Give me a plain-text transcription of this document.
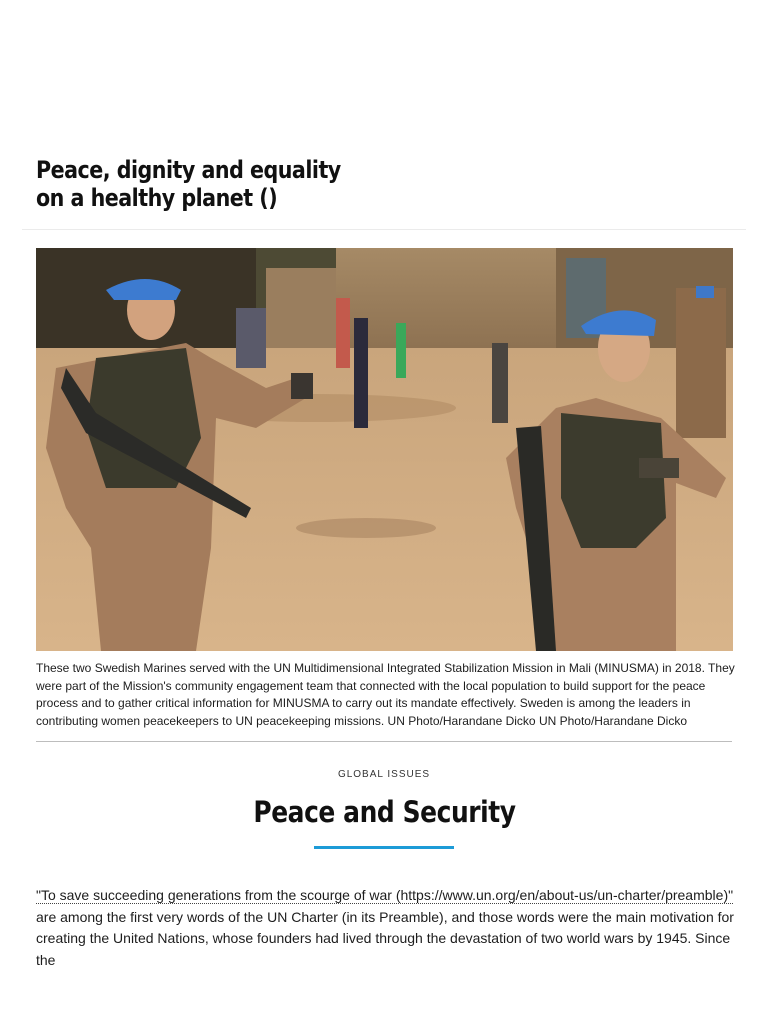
Peace, dignity and equality
on a healthy planet ()

These two Swedish Marines served with the UN Multidimensional Integrated Stabilization Mission in Mali (MINUSMA) in 2018. They were part of the Mission's community engagement team that connected with the local population to build support for the peace process and to gather critical information for MINUSMA to carry out its mandate effectively. Sweden is among the leaders in contributing women peacekeepers to UN peacekeeping missions. UN Photo/Harandane Dicko UN Photo/Harandane Dicko

GLOBAL ISSUES
Peace and Security

"To save succeeding generations from the scourge of war (https://www.un.org/en/about-us/un-charter/preamble)" are among the first very words of the UN Charter (in its Preamble), and those words were the main motivation for creating the United Nations, whose founders had lived through the devastation of two world wars by 1945. Since the
